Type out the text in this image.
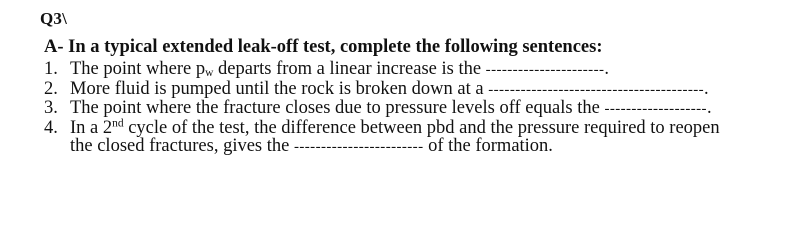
Q3\
A- In a typical extended leak-off test, complete the following sentences:
1. The point where pw departs from a linear increase is the ----------------------.
2. More fluid is pumped until the rock is broken down at a ----------------------------------------.
3. The point where the fracture closes due to pressure levels off equals the -------------------.
4. In a 2nd cycle of the test, the difference between pbd and the pressure required to reopen
the closed fractures, gives the ------------------------ of the formation.
